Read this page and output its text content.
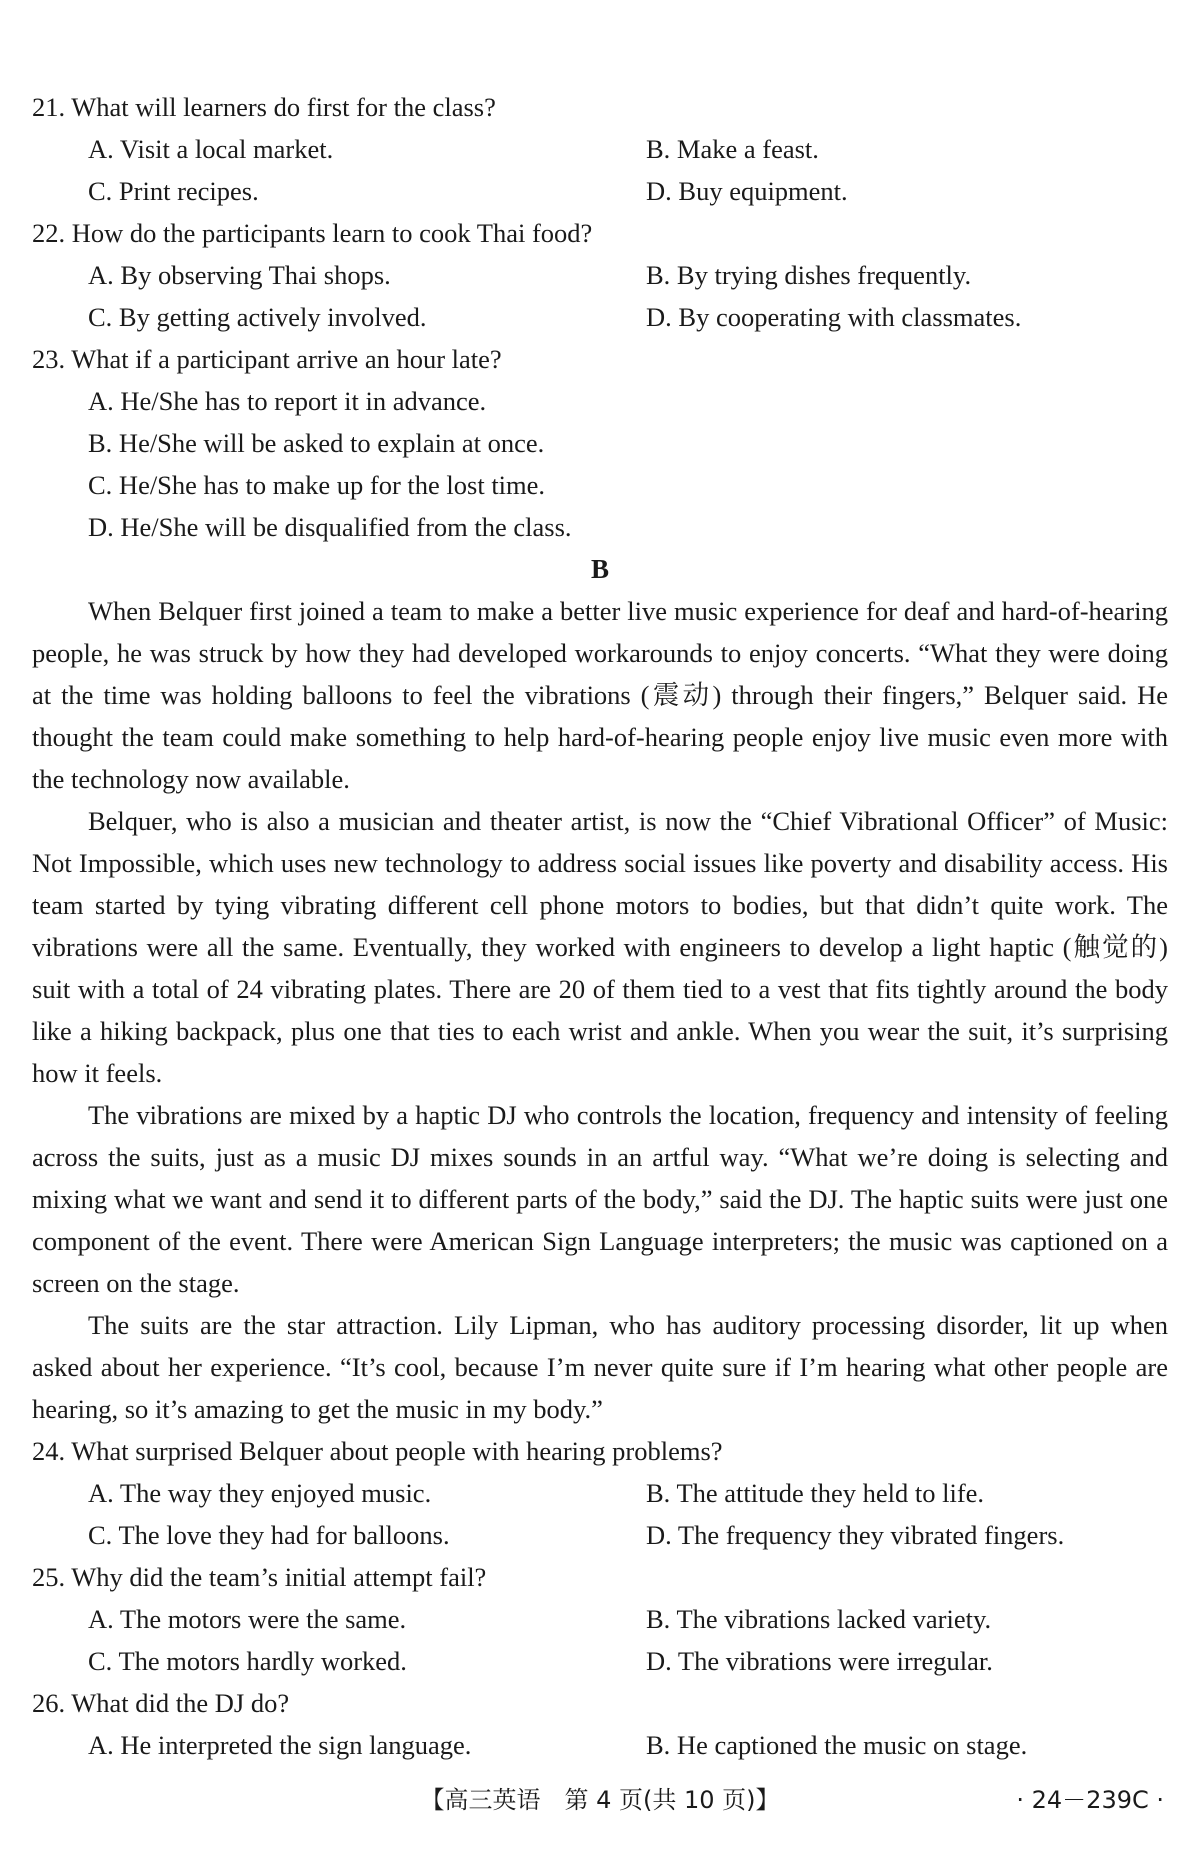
21. What will learners do first for the class?
A. Visit a local market.	B. Make a feast.
C. Print recipes.	D. Buy equipment.
22. How do the participants learn to cook Thai food?
A. By observing Thai shops.	B. By trying dishes frequently.
C. By getting actively involved.	D. By cooperating with classmates.
23. What if a participant arrive an hour late?
A. He/She has to report it in advance.
B. He/She will be asked to explain at once.
C. He/She has to make up for the lost time.
D. He/She will be disqualified from the class.
B
When Belquer first joined a team to make a better live music experience for deaf and hard-of-hearing people, he was struck by how they had developed workarounds to enjoy concerts. “What they were doing at the time was holding balloons to feel the vibrations (震动) through their fingers,” Belquer said. He thought the team could make something to help hard-of-hearing people enjoy live music even more with the technology now available.
Belquer, who is also a musician and theater artist, is now the “Chief Vibrational Officer” of Music: Not Impossible, which uses new technology to address social issues like poverty and disability access. His team started by tying vibrating different cell phone motors to bodies, but that didn’t quite work. The vibrations were all the same. Eventually, they worked with engineers to develop a light haptic (触觉的) suit with a total of 24 vibrating plates. There are 20 of them tied to a vest that fits tightly around the body like a hiking backpack, plus one that ties to each wrist and ankle. When you wear the suit, it’s surprising how it feels.
The vibrations are mixed by a haptic DJ who controls the location, frequency and intensity of feeling across the suits, just as a music DJ mixes sounds in an artful way. “What we’re doing is selecting and mixing what we want and send it to different parts of the body,” said the DJ. The haptic suits were just one component of the event. There were American Sign Language interpreters; the music was captioned on a screen on the stage.
The suits are the star attraction. Lily Lipman, who has auditory processing disorder, lit up when asked about her experience. “It’s cool, because I’m never quite sure if I’m hearing what other people are hearing, so it’s amazing to get the music in my body.”
24. What surprised Belquer about people with hearing problems?
A. The way they enjoyed music.	B. The attitude they held to life.
C. The love they had for balloons.	D. The frequency they vibrated fingers.
25. Why did the team’s initial attempt fail?
A. The motors were the same.	B. The vibrations lacked variety.
C. The motors hardly worked.	D. The vibrations were irregular.
26. What did the DJ do?
A. He interpreted the sign language.	B. He captioned the music on stage.
【高三英语　第 4 页(共 10 页)】	· 24－239C ·
